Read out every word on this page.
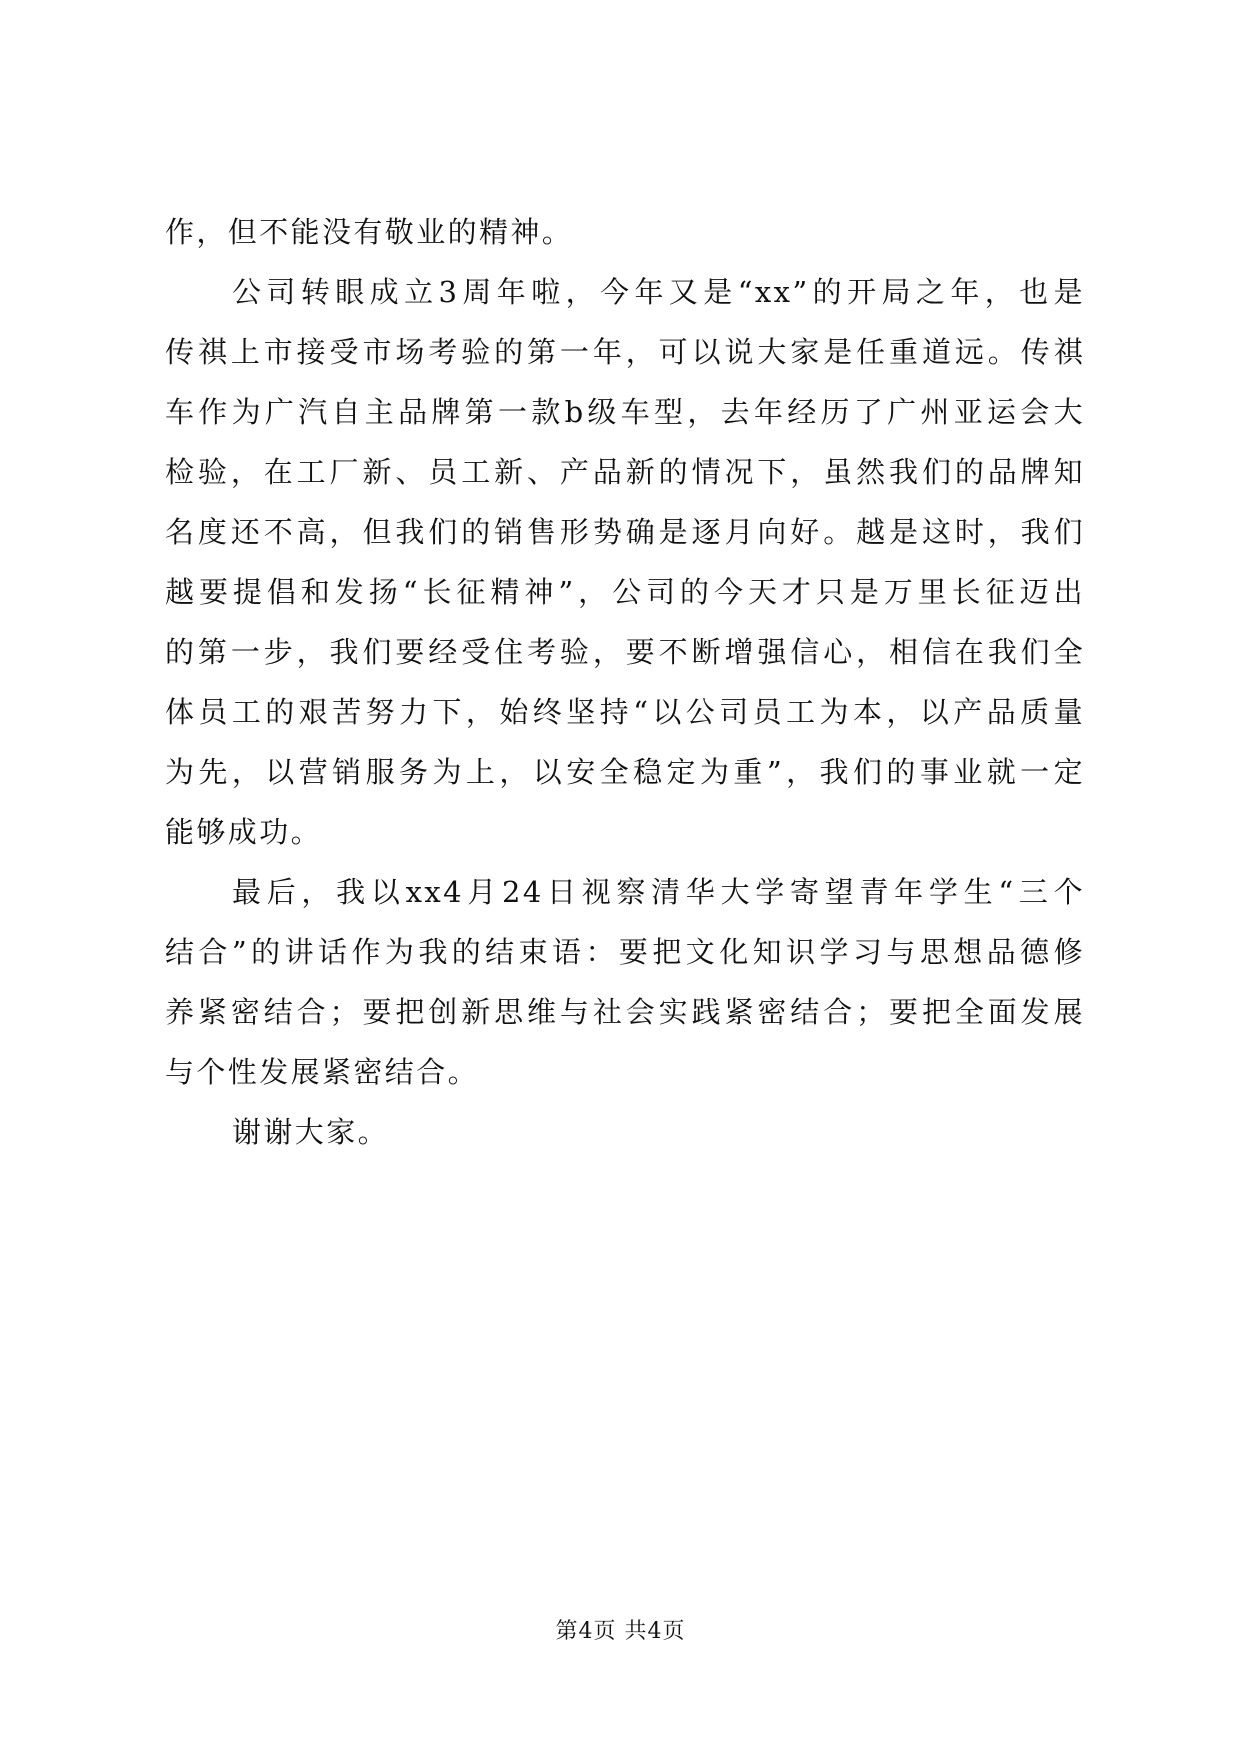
作，但不能没有敬业的精神。
公司转眼成立3周年啦，今年又是“xx”的开局之年，也是
传祺上市接受市场考验的第一年，可以说大家是任重道远。传祺
车作为广汽自主品牌第一款b级车型，去年经历了广州亚运会大
检验，在工厂新、员工新、产品新的情况下，虽然我们的品牌知
名度还不高，但我们的销售形势确是逐月向好。越是这时，我们
越要提倡和发扬“长征精神”，公司的今天才只是万里长征迈出
的第一步，我们要经受住考验，要不断增强信心，相信在我们全
体员工的艰苦努力下，始终坚持“以公司员工为本，以产品质量
为先，以营销服务为上，以安全稳定为重”，我们的事业就一定
能够成功。
最后，我以xx4月24日视察清华大学寄望青年学生“三个
结合”的讲话作为我的结束语：要把文化知识学习与思想品德修
养紧密结合；要把创新思维与社会实践紧密结合；要把全面发展
与个性发展紧密结合。
谢谢大家。
第4页 共4页
